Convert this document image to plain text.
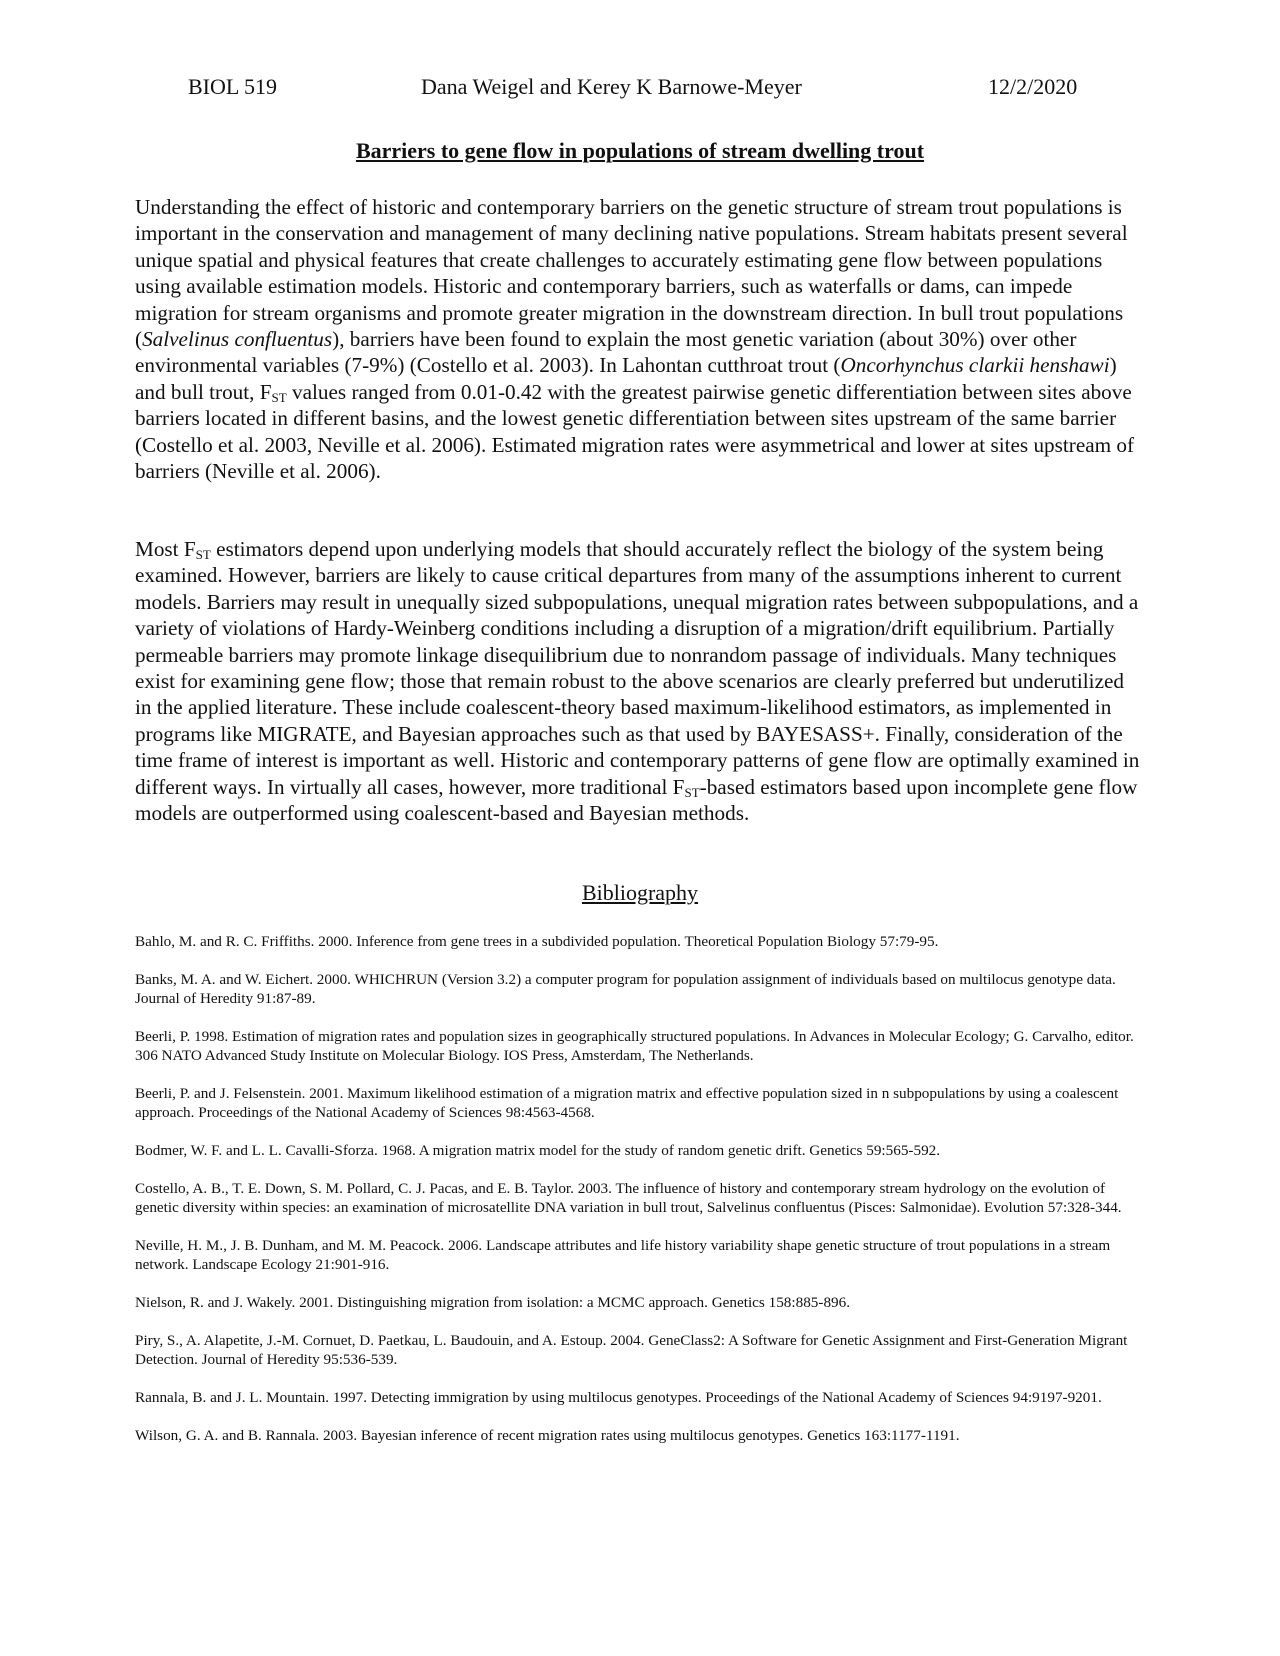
BIOL 519	Dana Weigel and Kerey K Barnowe-Meyer	12/2/2020
Barriers to gene flow in populations of stream dwelling trout

Understanding the effect of historic and contemporary barriers on the genetic structure of stream trout populations is important in the conservation and management of many declining native populations. Stream habitats present several unique spatial and physical features that create challenges to accurately estimating gene flow between populations using available estimation models. Historic and contemporary barriers, such as waterfalls or dams, can impede migration for stream organisms and promote greater migration in the downstream direction. In bull trout populations (Salvelinus confluentus), barriers have been found to explain the most genetic variation (about 30%) over other environmental variables (7-9%) (Costello et al. 2003). In Lahontan cutthroat trout (Oncorhynchus clarkii henshawi) and bull trout, $F_{ST}$ values ranged from 0.01-0.42 with the greatest pairwise genetic differentiation between sites above barriers located in different basins, and the lowest genetic differentiation between sites upstream of the same barrier (Costello et al. 2003, Neville et al. 2006). Estimated migration rates were asymmetrical and lower at sites upstream of barriers (Neville et al. 2006).

Most $F_{ST}$ estimators depend upon underlying models that should accurately reflect the biology of the system being examined. However, barriers are likely to cause critical departures from many of the assumptions inherent to current models. Barriers may result in unequally sized subpopulations, unequal migration rates between subpopulations, and a variety of violations of Hardy-Weinberg conditions including a disruption of a migration/drift equilibrium. Partially permeable barriers may promote linkage disequilibrium due to nonrandom passage of individuals. Many techniques exist for examining gene flow; those that remain robust to the above scenarios are clearly preferred but underutilized in the applied literature. These include coalescent-theory based maximum-likelihood estimators, as implemented in programs like MIGRATE, and Bayesian approaches such as that used by BAYESASS+. Finally, consideration of the time frame of interest is important as well. Historic and contemporary patterns of gene flow are optimally examined in different ways. In virtually all cases, however, more traditional $F_{ST}$-based estimators based upon incomplete gene flow models are outperformed using coalescent-based and Bayesian methods.

Bibliography
Bahlo, M. and R. C. Friffiths. 2000. Inference from gene trees in a subdivided population. Theoretical Population Biology 57:79-95.
Banks, M. A. and W. Eichert. 2000. WHICHRUN (Version 3.2) a computer program for population assignment of individuals based on multilocus genotype data. Journal of Heredity 91:87-89.
Beerli, P. 1998. Estimation of migration rates and population sizes in geographically structured populations. In Advances in Molecular Ecology; G. Carvalho, editor. 306 NATO Advanced Study Institute on Molecular Biology. IOS Press, Amsterdam, The Netherlands.
Beerli, P. and J. Felsenstein. 2001. Maximum likelihood estimation of a migration matrix and effective population sized in n subpopulations by using a coalescent approach. Proceedings of the National Academy of Sciences 98:4563-4568.
Bodmer, W. F. and L. L. Cavalli-Sforza. 1968. A migration matrix model for the study of random genetic drift. Genetics 59:565-592.
Costello, A. B., T. E. Down, S. M. Pollard, C. J. Pacas, and E. B. Taylor. 2003. The influence of history and contemporary stream hydrology on the evolution of genetic diversity within species: an examination of microsatellite DNA variation in bull trout, Salvelinus confluentus (Pisces: Salmonidae). Evolution 57:328-344.
Neville, H. M., J. B. Dunham, and M. M. Peacock. 2006. Landscape attributes and life history variability shape genetic structure of trout populations in a stream network. Landscape Ecology 21:901-916.
Nielson, R. and J. Wakely. 2001. Distinguishing migration from isolation: a MCMC approach. Genetics 158:885-896.
Piry, S., A. Alapetite, J.-M. Cornuet, D. Paetkau, L. Baudouin, and A. Estoup. 2004. GeneClass2: A Software for Genetic Assignment and First-Generation Migrant Detection. Journal of Heredity 95:536-539.
Rannala, B. and J. L. Mountain. 1997. Detecting immigration by using multilocus genotypes. Proceedings of the National Academy of Sciences 94:9197-9201.
Wilson, G. A. and B. Rannala. 2003. Bayesian inference of recent migration rates using multilocus genotypes. Genetics 163:1177-1191.
